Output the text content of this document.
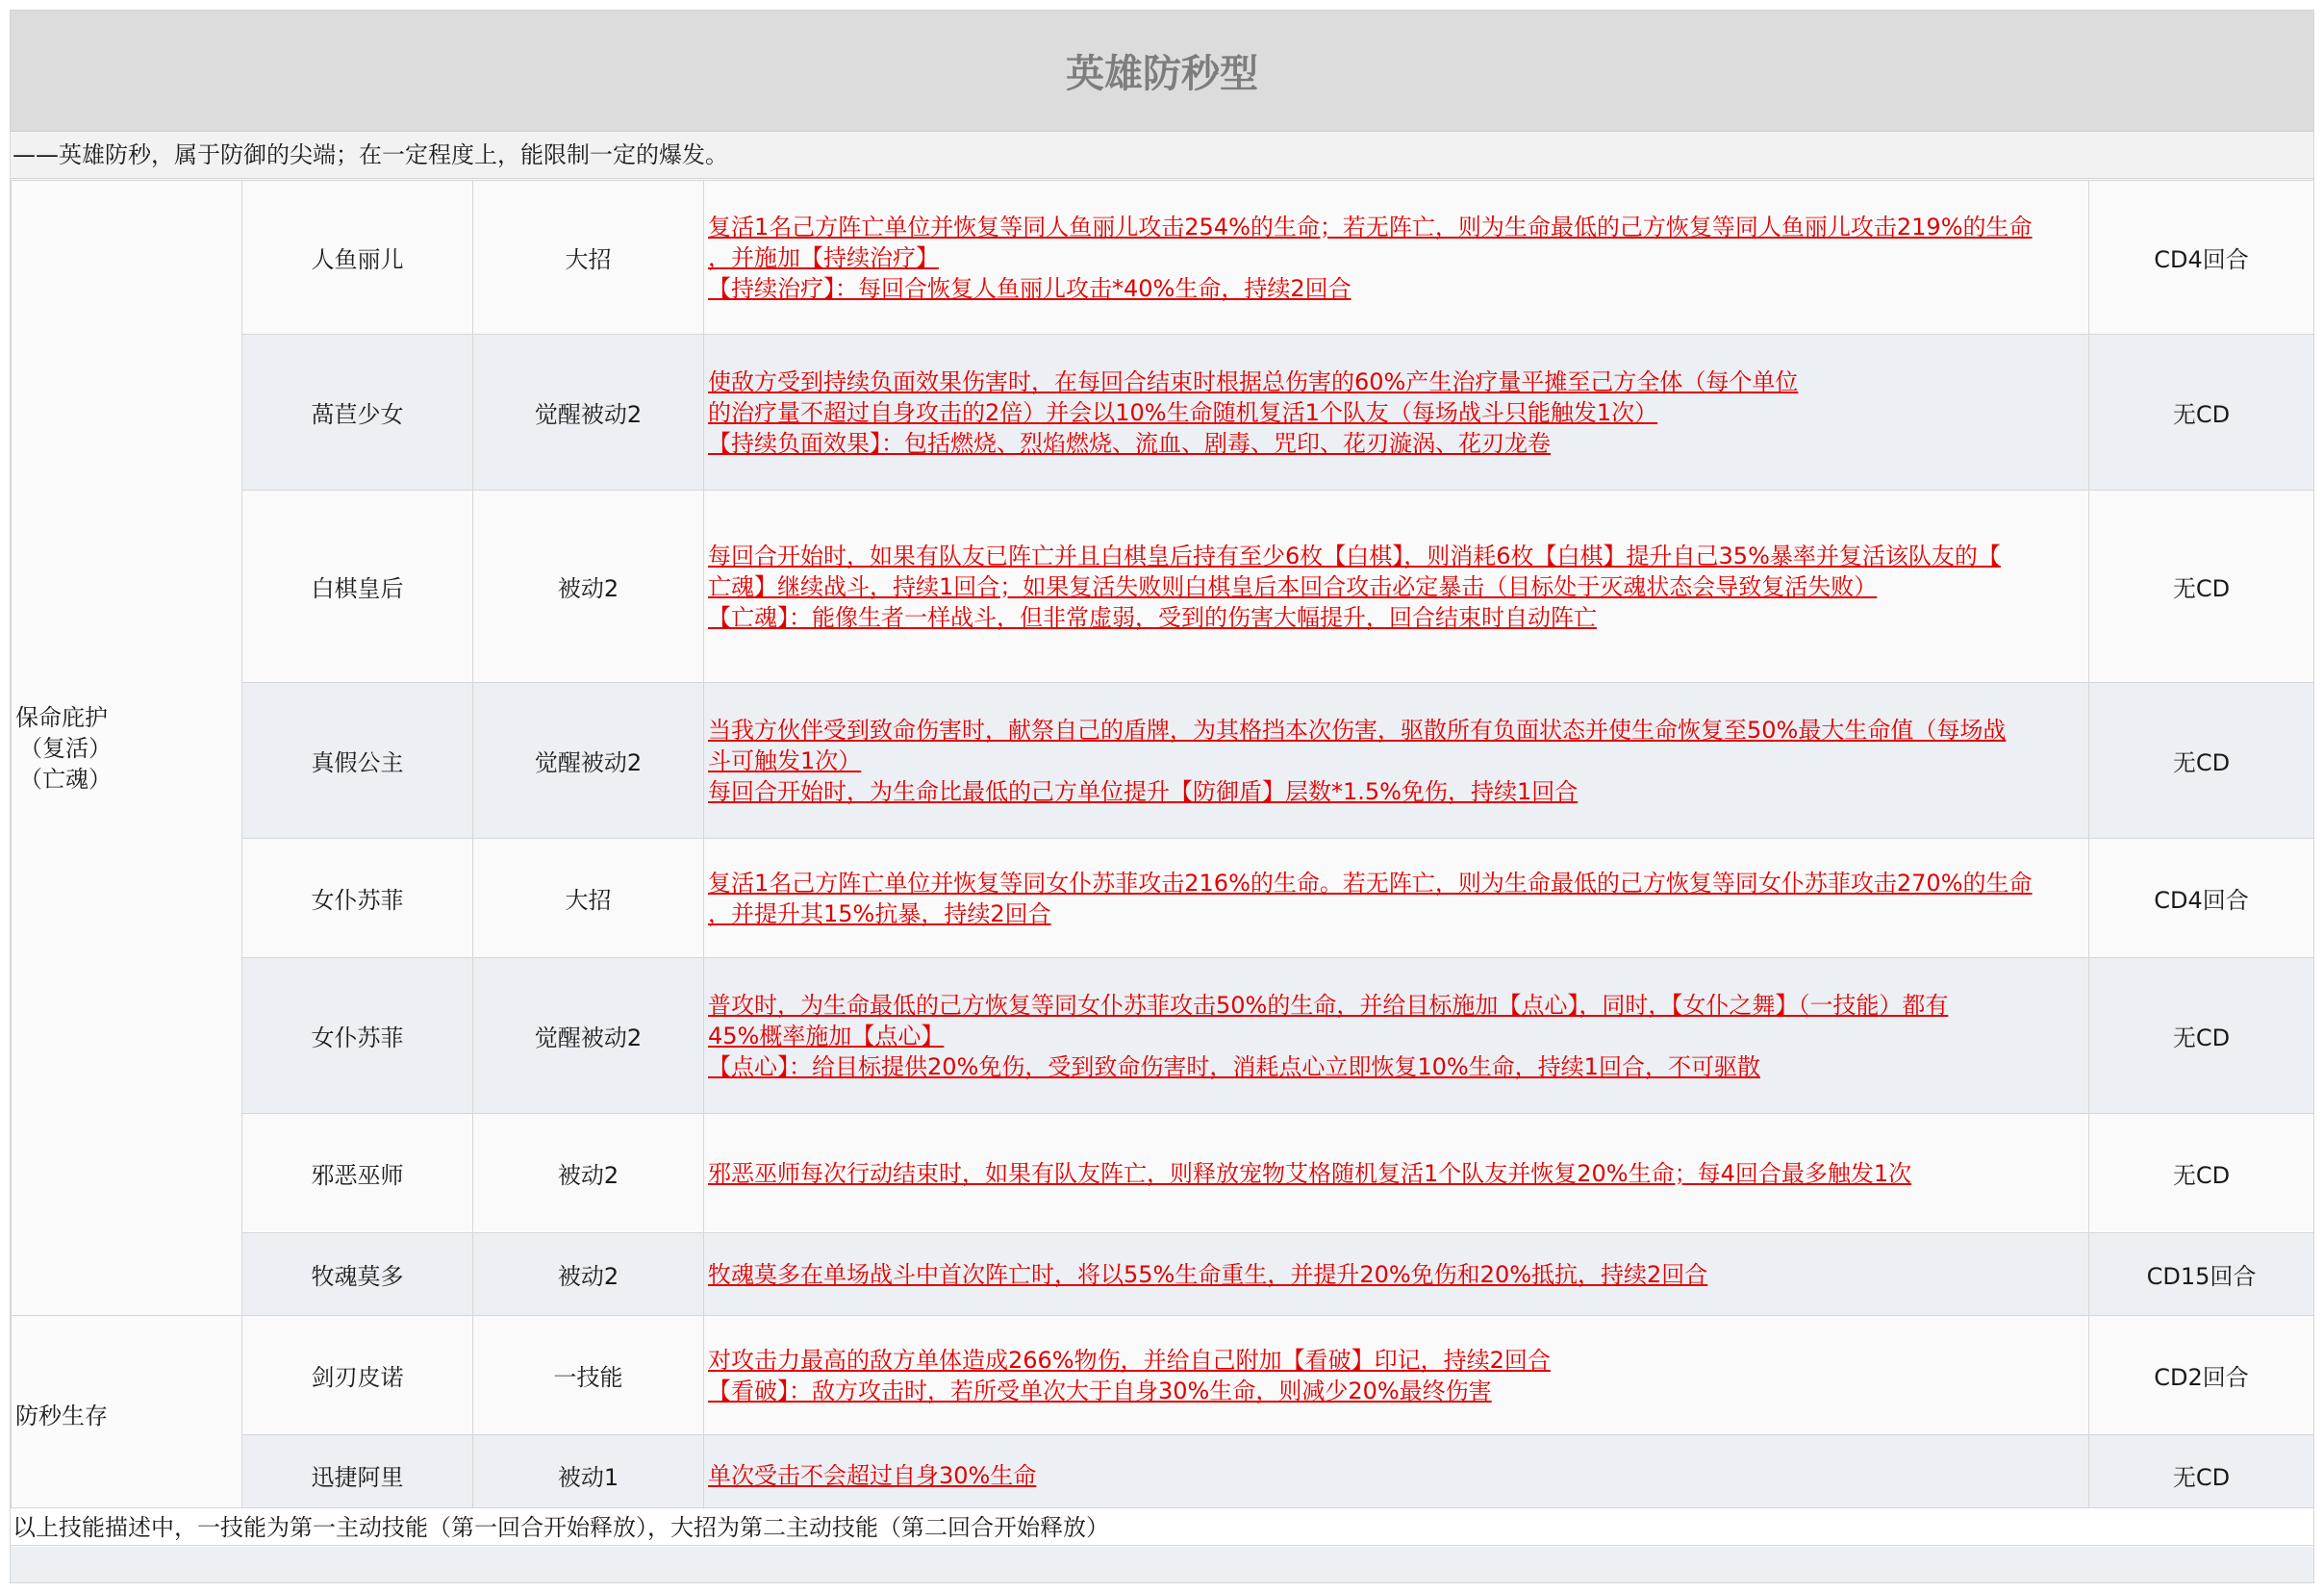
英雄防秒型
——英雄防秒，属于防御的尖端；在一定程度上，能限制一定的爆发。
保命庇护
（复活）
（亡魂）	人鱼丽儿	大招	复活1名己方阵亡单位并恢复等同人鱼丽儿攻击254%的生命；若无阵亡，则为生命最低的己方恢复等同人鱼丽儿攻击219%的生命
，并施加【持续治疗】
【持续治疗】：每回合恢复人鱼丽儿攻击*40%生命，持续2回合	CD4回合
	萵苣少女	觉醒被动2	使敌方受到持续负面效果伤害时，在每回合结束时根据总伤害的60%产生治疗量平摊至己方全体（每个单位
的治疗量不超过自身攻击的2倍）并会以10%生命随机复活1个队友（每场战斗只能触发1次）
【持续负面效果】：包括燃烧、烈焰燃烧、流血、剧毒、咒印、花刃漩涡、花刃龙卷	无CD
	白棋皇后	被动2	每回合开始时，如果有队友已阵亡并且白棋皇后持有至少6枚【白棋】，则消耗6枚【白棋】提升自己35%暴率并复活该队友的【
亡魂】继续战斗，持续1回合；如果复活失败则白棋皇后本回合攻击必定暴击（目标处于灭魂状态会导致复活失败）
【亡魂】：能像生者一样战斗，但非常虚弱，受到的伤害大幅提升，回合结束时自动阵亡	无CD
	真假公主	觉醒被动2	当我方伙伴受到致命伤害时，献祭自己的盾牌，为其格挡本次伤害，驱散所有负面状态并使生命恢复至50%最大生命值（每场战
斗可触发1次）
每回合开始时，为生命比最低的己方单位提升【防御盾】层数*1.5%免伤，持续1回合	无CD
	女仆苏菲	大招	复活1名己方阵亡单位并恢复等同女仆苏菲攻击216%的生命。若无阵亡，则为生命最低的己方恢复等同女仆苏菲攻击270%的生命
，并提升其15%抗暴，持续2回合	CD4回合
	女仆苏菲	觉醒被动2	普攻时，为生命最低的己方恢复等同女仆苏菲攻击50%的生命，并给目标施加【点心】，同时，【女仆之舞】（一技能）都有
45%概率施加【点心】
【点心】：给目标提供20%免伤，受到致命伤害时，消耗点心立即恢复10%生命，持续1回合，不可驱散	无CD
	邪恶巫师	被动2	邪恶巫师每次行动结束时，如果有队友阵亡，则释放宠物艾格随机复活1个队友并恢复20%生命；每4回合最多触发1次	无CD
	牧魂莫多	被动2	牧魂莫多在单场战斗中首次阵亡时，将以55%生命重生，并提升20%免伤和20%抵抗，持续2回合	CD15回合

防秒生存	剑刃皮诺	一技能	对攻击力最高的敌方单体造成266%物伤，并给自己附加【看破】印记，持续2回合
【看破】：敌方攻击时，若所受单次大于自身30%生命，则减少20%最终伤害	CD2回合
	迅捷阿里	被动1	单次受击不会超过自身30%生命	无CD
以上技能描述中，一技能为第一主动技能（第一回合开始释放），大招为第二主动技能（第二回合开始释放）
